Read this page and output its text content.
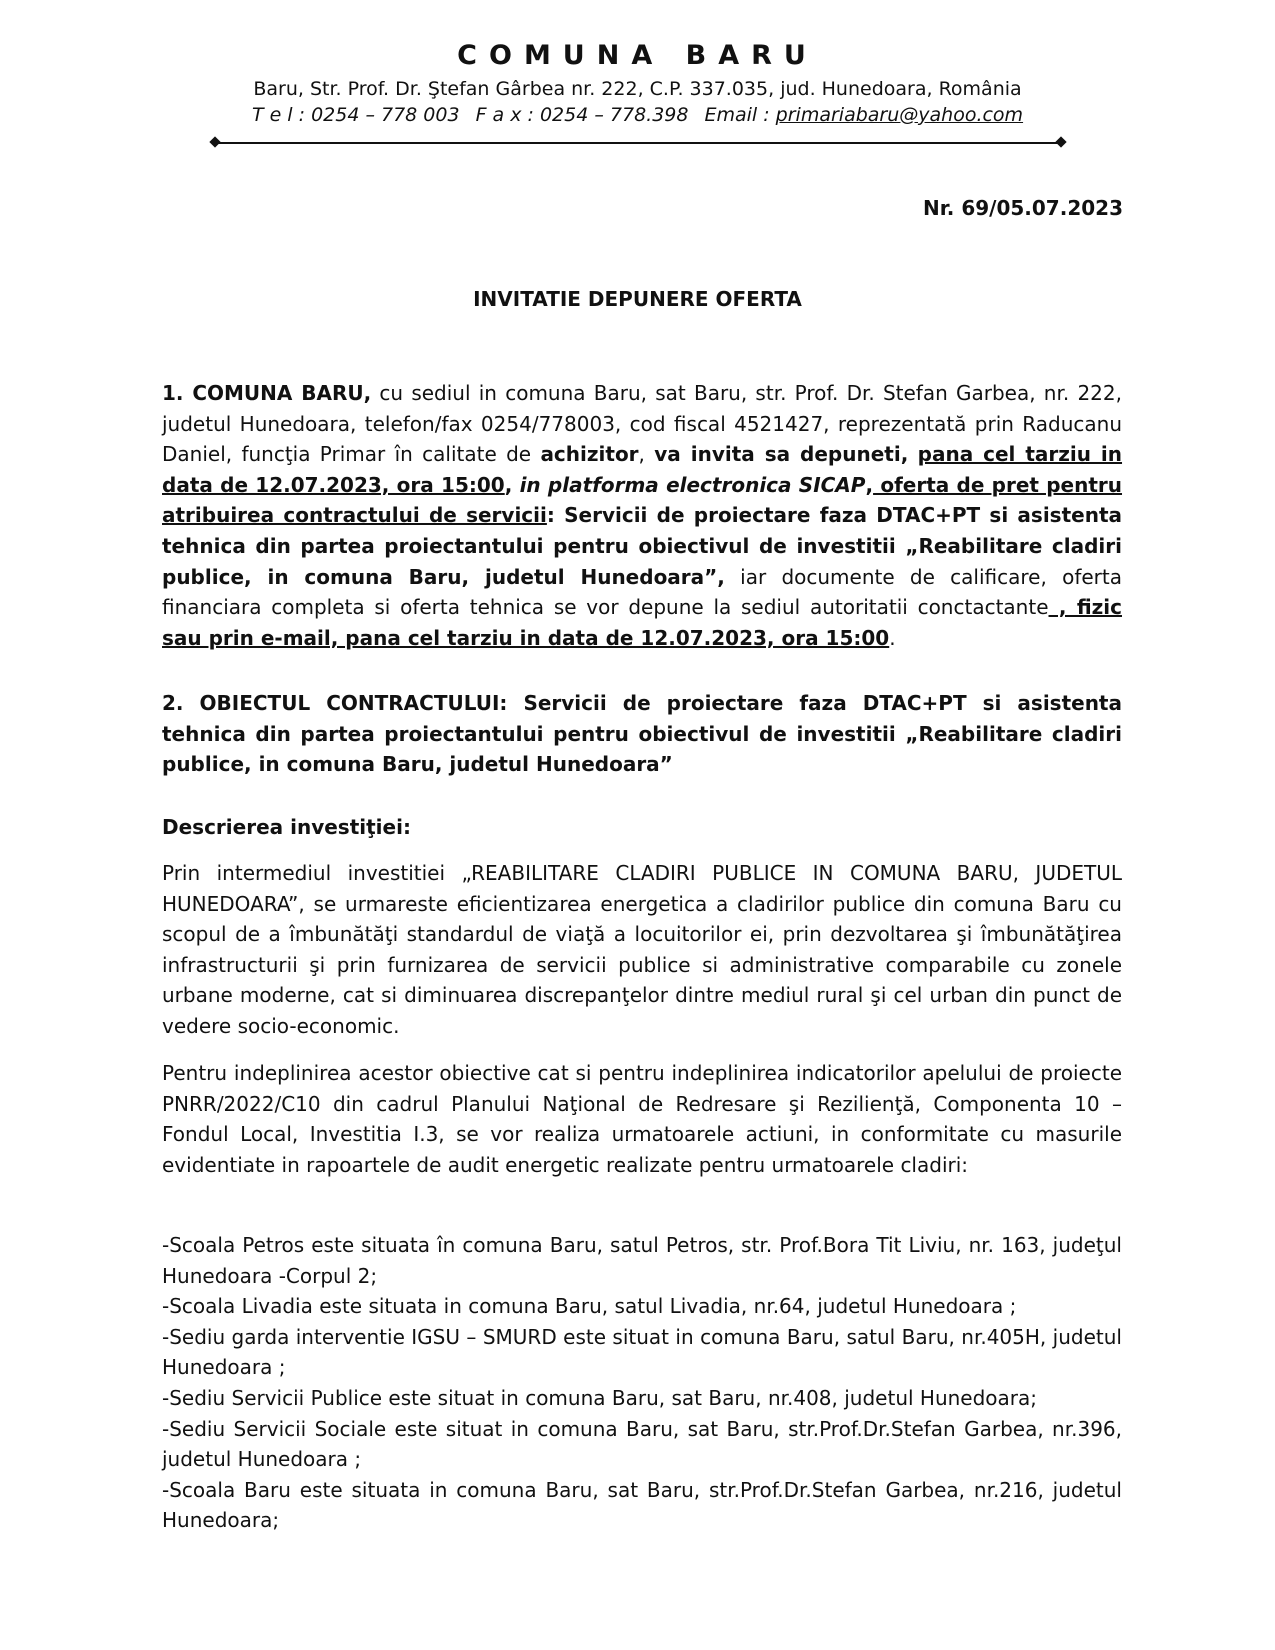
COMUNA BARU
Baru, Str. Prof. Dr. Ştefan Gârbea nr. 222, C.P. 337.035, jud. Hunedoara, România
T e l : 0254 – 778 003 F a x : 0254 – 778.398 Email : primariabaru@yahoo.com
Nr. 69/05.07.2023
INVITATIE DEPUNERE OFERTA
1. COMUNA BARU, cu sediul in comuna Baru, sat Baru, str. Prof. Dr. Stefan Garbea, nr. 222, judetul Hunedoara, telefon/fax 0254/778003, cod fiscal 4521427, reprezentată prin Raducanu Daniel, funcţia Primar în calitate de achizitor, va invita sa depuneti, pana cel tarziu in data de 12.07.2023, ora 15:00, in platforma electronica SICAP, oferta de pret pentru atribuirea contractului de servicii: Servicii de proiectare faza DTAC+PT si asistenta tehnica din partea proiectantului pentru obiectivul de investitii „Reabilitare cladiri publice, in comuna Baru, judetul Hunedoara”, iar documente de calificare, oferta financiara completa si oferta tehnica se vor depune la sediul autoritatii conctactante , fizic sau prin e-mail, pana cel tarziu in data de 12.07.2023, ora 15:00.
2. OBIECTUL CONTRACTULUI: Servicii de proiectare faza DTAC+PT si asistenta tehnica din partea proiectantului pentru obiectivul de investitii „Reabilitare cladiri publice, in comuna Baru, judetul Hunedoara”
Descrierea investiţiei:
Prin intermediul investitiei „REABILITARE CLADIRI PUBLICE IN COMUNA BARU, JUDETUL HUNEDOARA”, se urmareste eficientizarea energetica a cladirilor publice din comuna Baru cu scopul de a îmbunătăţi standardul de viaţă a locuitorilor ei, prin dezvoltarea şi îmbunătăţirea infrastructurii şi prin furnizarea de servicii publice si administrative comparabile cu zonele urbane moderne, cat si diminuarea discrepanţelor dintre mediul rural şi cel urban din punct de vedere socio-economic.
Pentru indeplinirea acestor obiective cat si pentru indeplinirea indicatorilor apelului de proiecte PNRR/2022/C10 din cadrul Planului Naţional de Redresare şi Rezilienţă, Componenta 10 – Fondul Local, Investitia I.3, se vor realiza urmatoarele actiuni, in conformitate cu masurile evidentiate in rapoartele de audit energetic realizate pentru urmatoarele cladiri:
-Scoala Petros este situata în comuna Baru, satul Petros, str. Prof.Bora Tit Liviu, nr. 163, judeţul Hunedoara -Corpul 2;
-Scoala Livadia este situata in comuna Baru, satul Livadia, nr.64, judetul Hunedoara ;
-Sediu garda interventie IGSU – SMURD este situat in comuna Baru, satul Baru, nr.405H, judetul Hunedoara ;
-Sediu Servicii Publice este situat in comuna Baru, sat Baru, nr.408, judetul Hunedoara;
-Sediu Servicii Sociale este situat in comuna Baru, sat Baru, str.Prof.Dr.Stefan Garbea, nr.396, judetul Hunedoara ;
-Scoala Baru este situata in comuna Baru, sat Baru, str.Prof.Dr.Stefan Garbea, nr.216, judetul Hunedoara;
